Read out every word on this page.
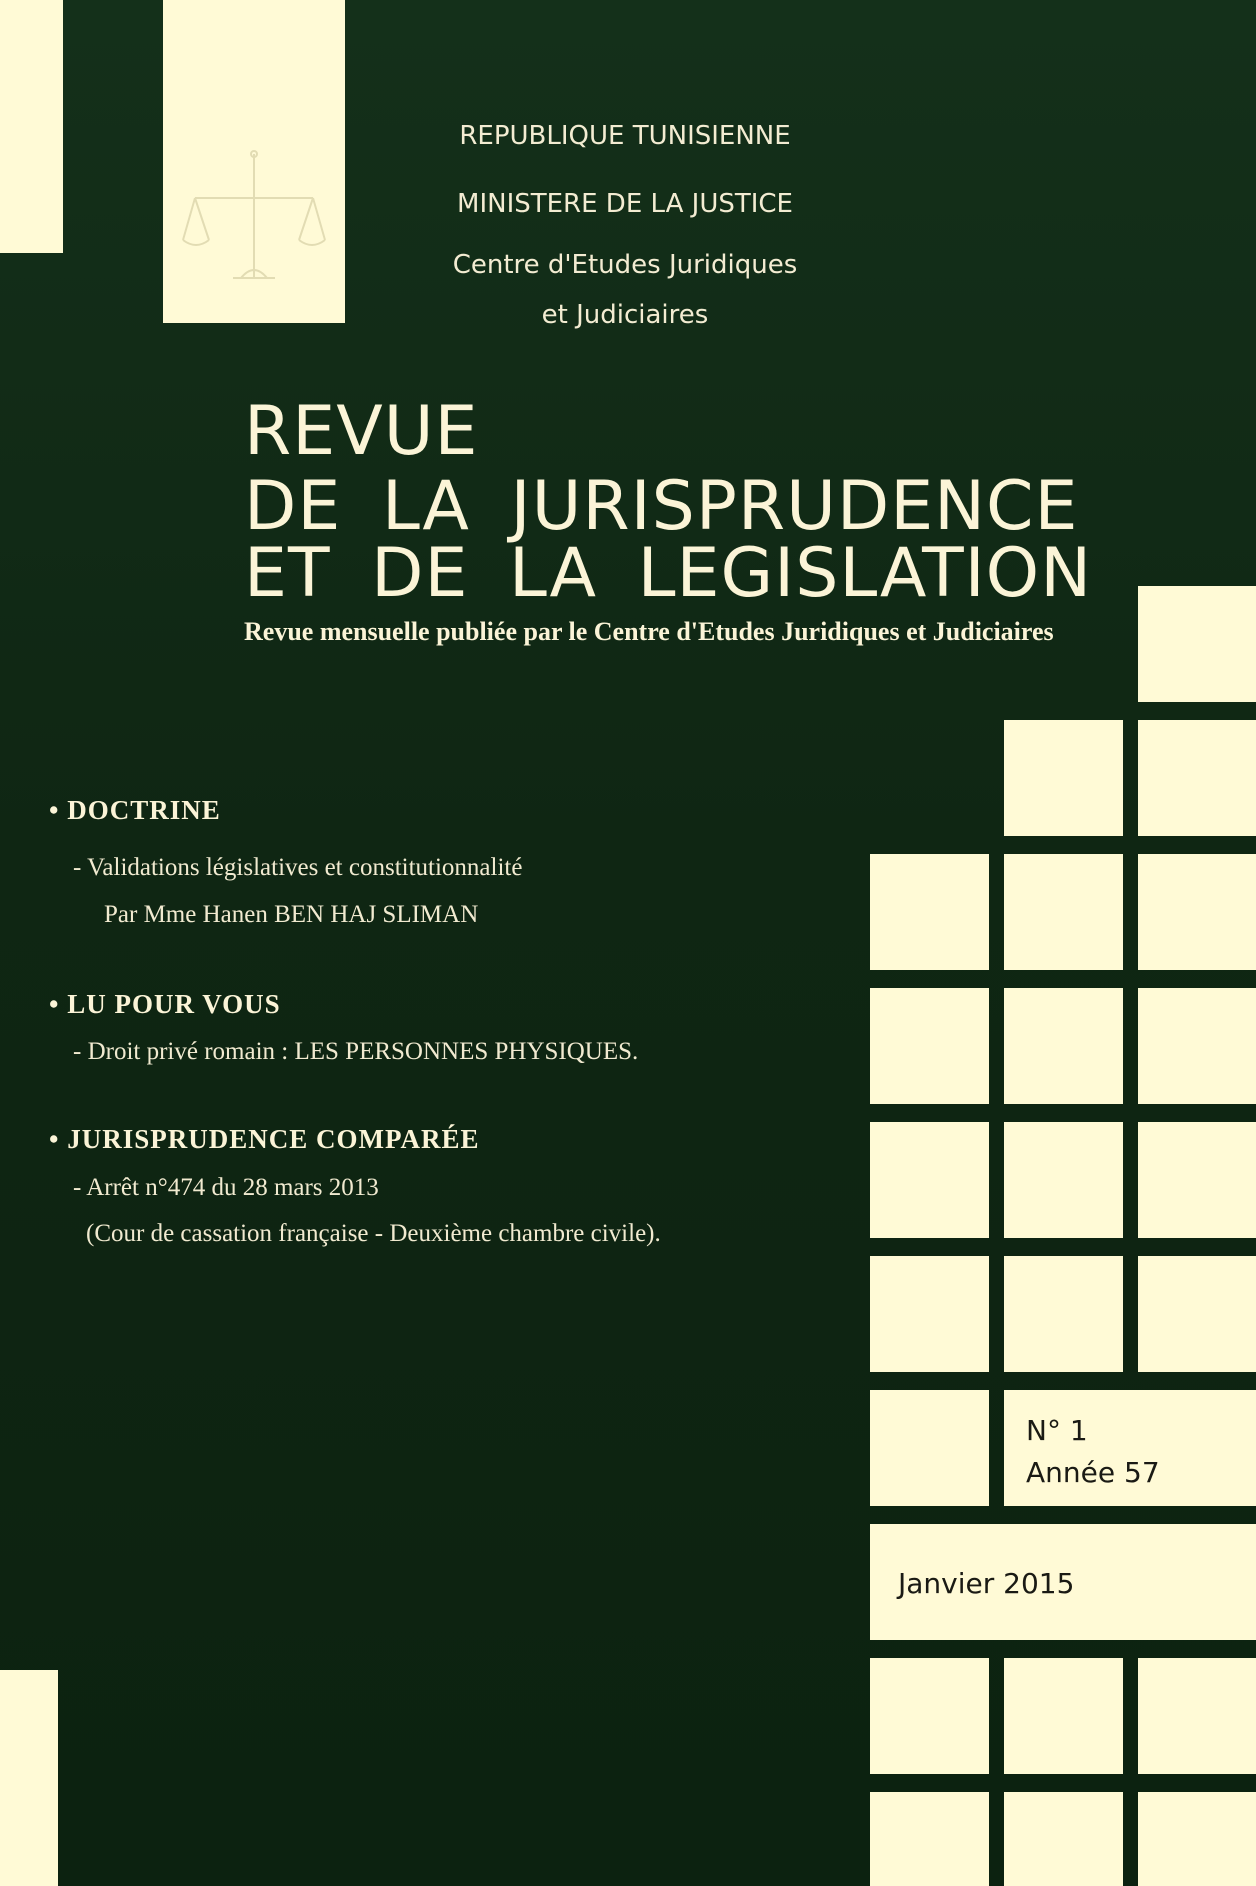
REPUBLIQUE TUNISIENNE
MINISTERE DE LA JUSTICE
Centre d'Etudes Juridiques
et Judiciaires
REVUE
DE LA JURISPRUDENCE
ET DE LA LEGISLATION
Revue mensuelle publiée par le Centre d'Etudes Juridiques et Judiciaires
• DOCTRINE
- Validations législatives et constitutionnalité
Par Mme Hanen BEN HAJ SLIMAN
• LU POUR VOUS
- Droit privé romain : LES PERSONNES PHYSIQUES.
• JURISPRUDENCE COMPARÉE
- Arrêt n°474 du 28 mars 2013
(Cour de cassation française - Deuxième chambre civile).
N° 1
Année 57
Janvier 2015
